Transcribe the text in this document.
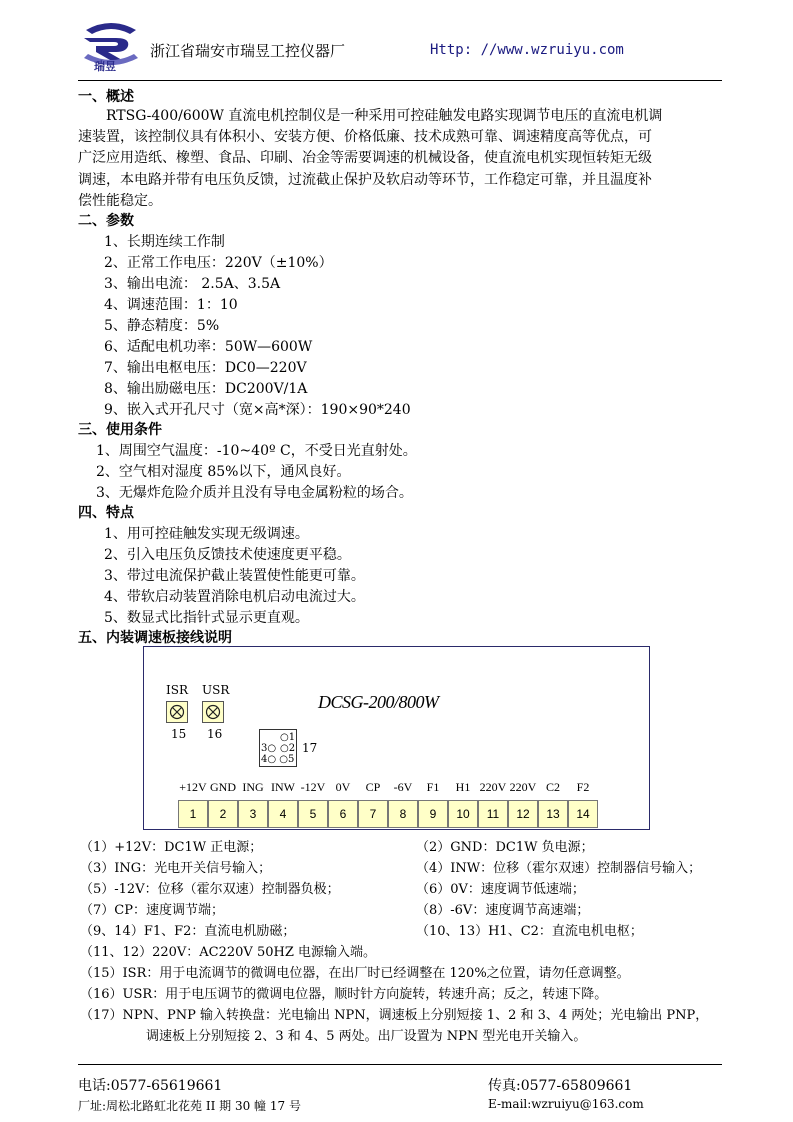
瑞昱
浙江省瑞安市瑞昱工控仪器厂	Http: //www.wzruiyu.com
一、概述
RTSG-400/600W 直流电机控制仪是一种采用可控硅触发电路实现调节电压的直流电机调
速装置，该控制仪具有体积小、安装方便、价格低廉、技术成熟可靠、调速精度高等优点，可
广泛应用造纸、橡塑、食品、印刷、冶金等需要调速的机械设备，使直流电机实现恒转矩无级
调速，本电路并带有电压负反馈，过流截止保护及软启动等环节，工作稳定可靠，并且温度补
偿性能稳定。
二、参数
1、长期连续工作制
2、正常工作电压：220V（±10%）
3、输出电流： 2.5A、3.5A
4、调速范围：1：10
5、静态精度：5%
6、适配电机功率：50W—600W
7、输出电枢电压：DC0—220V
8、输出励磁电压：DC200V/1A
9、嵌入式开孔尺寸（宽×高*深）：190×90*240
三、使用条件
1、周围空气温度：-10~40º C，不受日光直射处。
2、空气相对湿度 85%以下，通风良好。
3、无爆炸危险介质并且没有导电金属粉粒的场合。
四、特点
1、用可控硅触发实现无级调速。
2、引入电压负反馈技术使速度更平稳。
3、带过电流保护截止装置使性能更可靠。
4、带软启动装置消除电机启动电流过大。
5、数显式比指针式显示更直观。
五、内装调速板接线说明
DCSG-200/800W
ISR USR
15 16	○1
3○ ○2
4○ ○5
17
+12V GND ING INW -12V 0V	CP	-6V	F1	H1 220V 220V C2	F2
1	2	3	4	5	6	7	8	9	10	11	12	13	14
（1）+12V：DC1W 正电源；	（2）GND：DC1W 负电源；
（3）ING：光电开关信号输入；	（4）INW：位移（霍尔双速）控制器信号输入；
（5）-12V：位移（霍尔双速）控制器负极；	（6）0V：速度调节低速端；
（7）CP：速度调节端；	（8）-6V：速度调节高速端；
（9、14）F1、F2：直流电机励磁；	（10、13）H1、C2：直流电机电枢；
（11、12）220V：AC220V 50HZ 电源输入端。
（15）ISR：用于电流调节的微调电位器，在出厂时已经调整在 120%之位置，请勿任意调整。
（16）USR：用于电压调节的微调电位器，顺时针方向旋转，转速升高；反之，转速下降。
（17）NPN、PNP 输入转换盘：光电输出 NPN，调速板上分别短接 1、2 和 3、4 两处；光电输出 PNP，
调速板上分别短接 2、3 和 4、5 两处。出厂设置为 NPN 型光电开关输入。
电话:0577-65619661	传真:0577-65809661
厂址:周松北路虹北花苑 II 期 30 幢 17 号	E-mail:wzruiyu@163.com
